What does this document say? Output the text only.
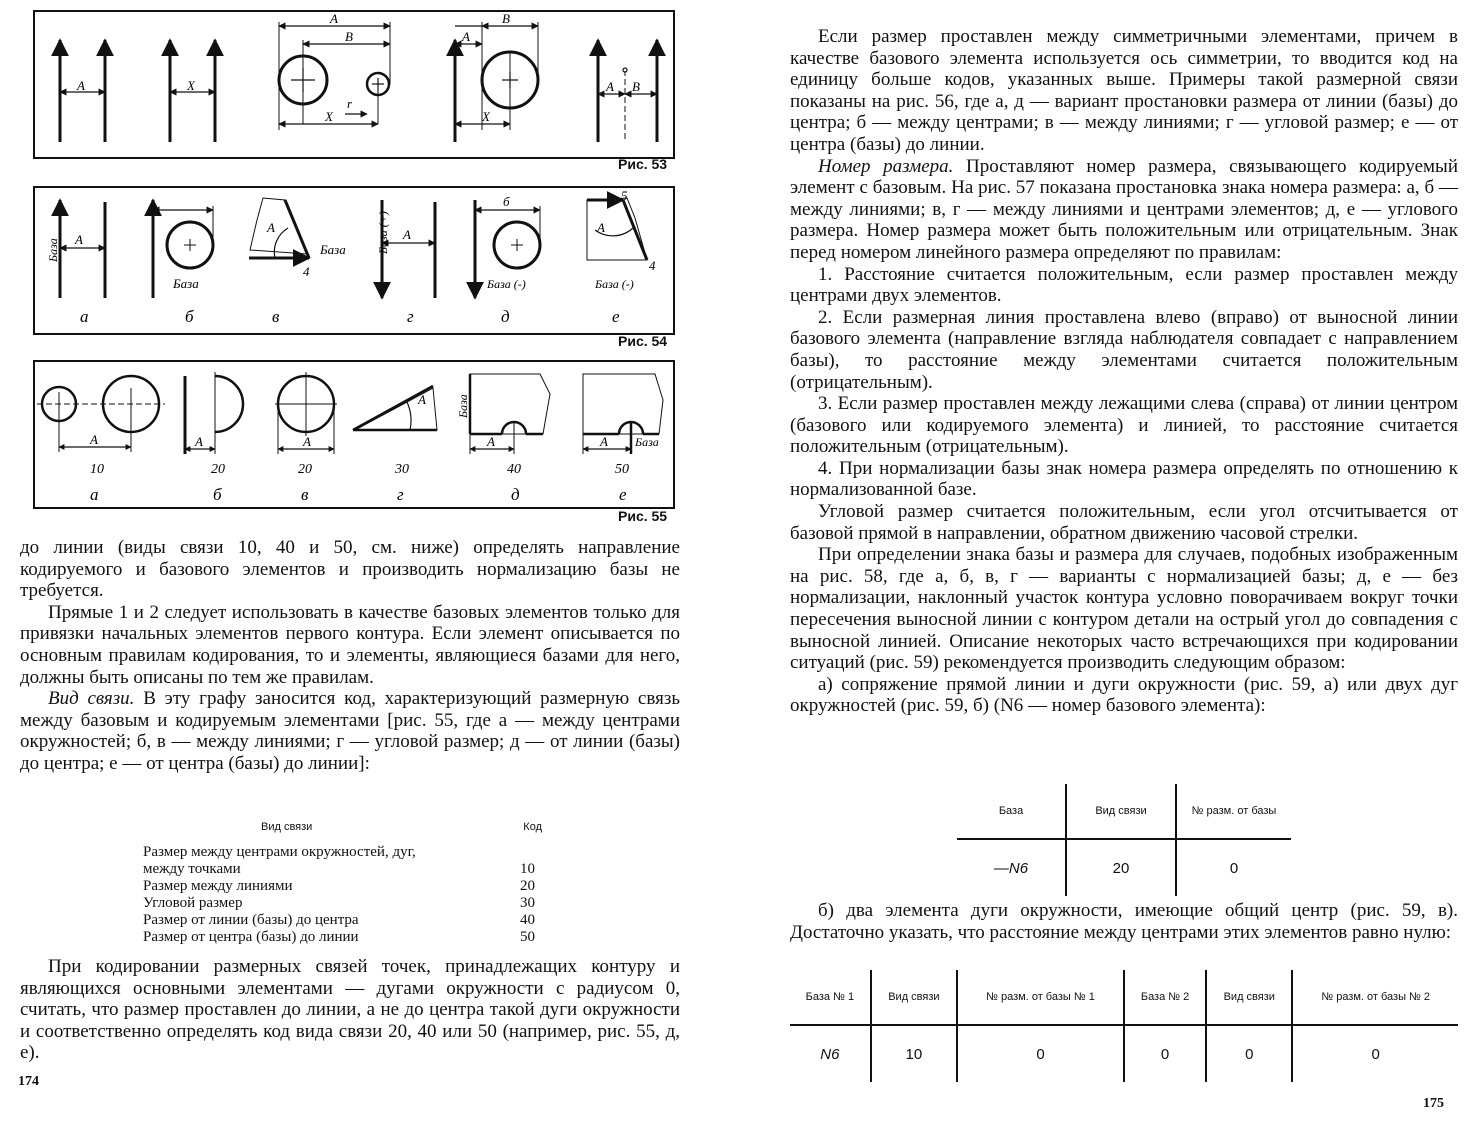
A	X
A
B
X
r
A
B
X
A B
Рис. 53
База A
База
A
База
4
База (+) A
б
База (-)
A
5
4
База (-)
а	б	в	г	д	е
Рис. 54
A	A	A
A	База
A	A База
10	20	20	30	40	50
а	б	в	г	д	е
Рис. 55

до линии (виды связи 10, 40 и 50, см. ниже) определять направление кодируемого и базового элементов и производить нормализацию базы не требуется.

Прямые 1 и 2 следует использовать в качестве базовых элементов только для привязки начальных элементов первого контура. Если элемент описывается по основным правилам кодирования, то и элементы, являющиеся базами для него, должны быть описаны по тем же правилам.

Вид связи. В эту графу заносится код, характеризующий размерную связь между базовым и кодируемым элементами [рис. 55, где а — между центрами окружностей; б, в — между линиями; г — угловой размер; д — от линии (базы) до центра; е — от центра (базы) до линии]:

Вид связи	Код
Размер между центрами окружностей, дуг, между точками	10
Размер между линиями	20
Угловой размер	30
Размер от линии (базы) до центра	40
Размер от центра (базы) до линии	50
При кодировании размерных связей точек, принадлежащих контуру и являющихся основными элементами — дугами окружности с радиусом 0, считать, что размер проставлен до линии, а не до центра такой дуги окружности и соответственно определять код вида связи 20, 40 или 50 (например, рис. 55, д, е).
174

Если размер проставлен между симметричными элементами, причем в качестве базового элемента используется ось симметрии, то вводится код на единицу больше кодов, указанных выше. Примеры такой размерной связи показаны на рис. 56, где а, д — вариант простановки размера от линии (базы) до центра; б — между центрами; в — между линиями; г — угловой размер; е — от центра (базы) до линии.

Номер размера. Проставляют номер размера, связывающего кодируемый элемент с базовым. На рис. 57 показана простановка знака номера размера: а, б — между линиями; в, г — между линиями и центрами элементов; д, е — углового размера. Номер размера может быть положительным или отрицательным. Знак перед номером линейного размера определяют по правилам:

1. Расстояние считается положительным, если размер проставлен между центрами двух элементов.

2. Если размерная линия проставлена влево (вправо) от выносной линии базового элемента (направление взгляда наблюдателя совпадает с направлением базы), то расстояние между элементами считается положительным (отрицательным).

3. Если размер проставлен между лежащими слева (справа) от линии центром (базового или кодируемого элемента) и линией, то расстояние считается положительным (отрицательным).

4. При нормализации базы знак номера размера определять по отношению к нормализованной базе.

Угловой размер считается положительным, если угол отсчитывается от базовой прямой в направлении, обратном движению часовой стрелки.

При определении знака базы и размера для случаев, подобных изображенным на рис. 58, где а, б, в, г — варианты с нормализацией базы; д, е — без нормализации, наклонный участок контура условно поворачиваем вокруг точки пересечения выносной линии с контуром детали на острый угол до совпадения с выносной линией. Описание некоторых часто встречающихся при кодировании ситуаций (рис. 59) рекомендуется производить следующим образом:

а) сопряжение прямой линии и дуги окружности (рис. 59, а) или двух дуг окружностей (рис. 59, б) (N6 — номер базового элемента):

База	Вид связи	№ разм. от базы
—N6	20	0
б) два элемента дуги окружности, имеющие общий центр (рис. 59, в). Достаточно указать, что расстояние между центрами этих элементов равно нулю:
База № 1	Вид связи	№ разм. от базы № 1	База № 2	Вид связи	№ разм. от базы № 2
N6	10	0	0	0	0
175
